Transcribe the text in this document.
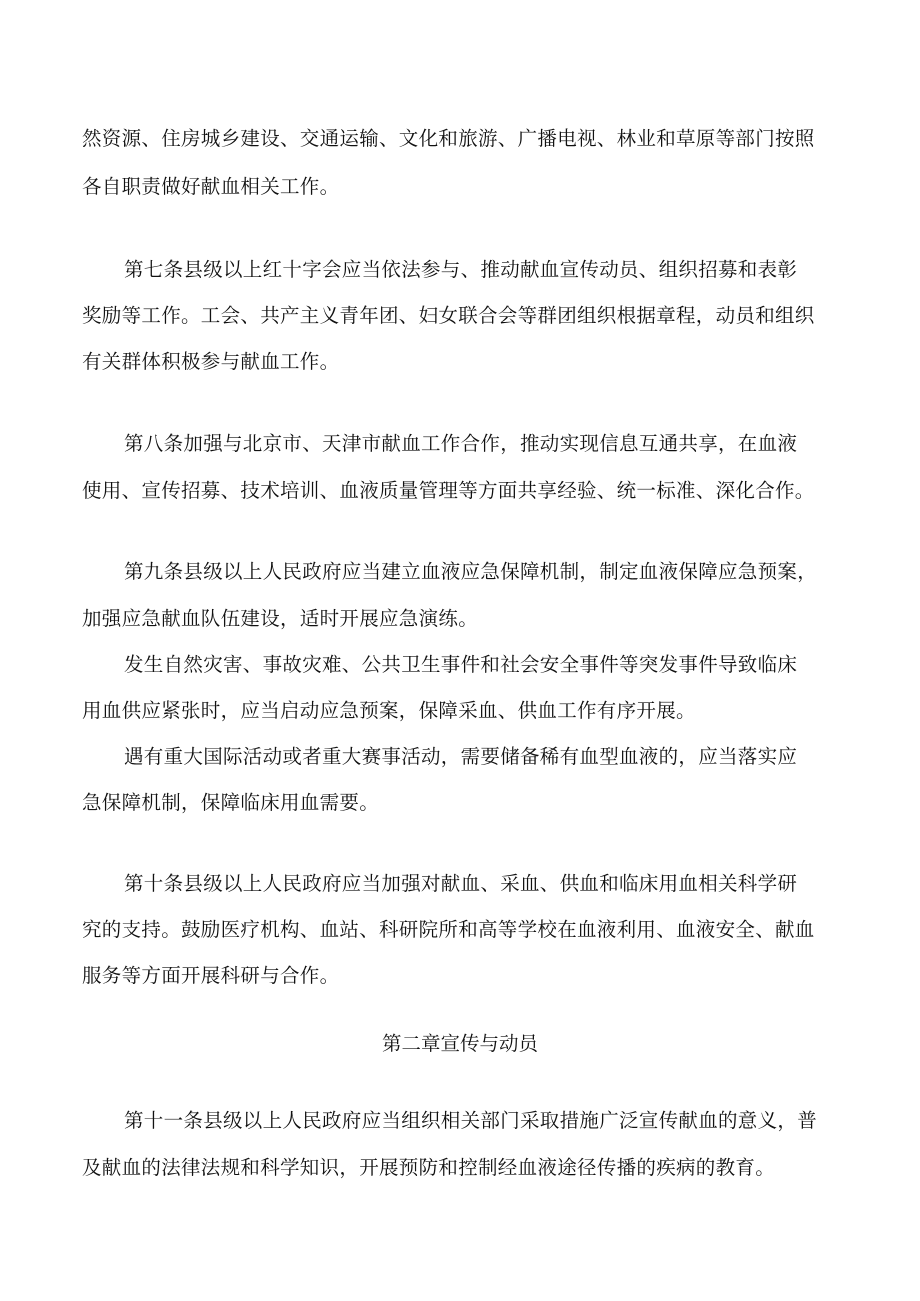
然资源、住房城乡建设、交通运输、文化和旅游、广播电视、林业和草原等部门按照
各自职责做好献血相关工作。
第七条县级以上红十字会应当依法参与、推动献血宣传动员、组织招募和表彰
奖励等工作。工会、共产主义青年团、妇女联合会等群团组织根据章程，动员和组织
有关群体积极参与献血工作。
第八条加强与北京市、天津市献血工作合作，推动实现信息互通共享，在血液
使用、宣传招募、技术培训、血液质量管理等方面共享经验、统一标准、深化合作。
第九条县级以上人民政府应当建立血液应急保障机制，制定血液保障应急预案，
加强应急献血队伍建设，适时开展应急演练。
发生自然灾害、事故灾难、公共卫生事件和社会安全事件等突发事件导致临床
用血供应紧张时，应当启动应急预案，保障采血、供血工作有序开展。
遇有重大国际活动或者重大赛事活动，需要储备稀有血型血液的，应当落实应
急保障机制，保障临床用血需要。
第十条县级以上人民政府应当加强对献血、采血、供血和临床用血相关科学研
究的支持。鼓励医疗机构、血站、科研院所和高等学校在血液利用、血液安全、献血
服务等方面开展科研与合作。
第二章宣传与动员
第十一条县级以上人民政府应当组织相关部门采取措施广泛宣传献血的意义，普
及献血的法律法规和科学知识，开展预防和控制经血液途径传播的疾病的教育。
